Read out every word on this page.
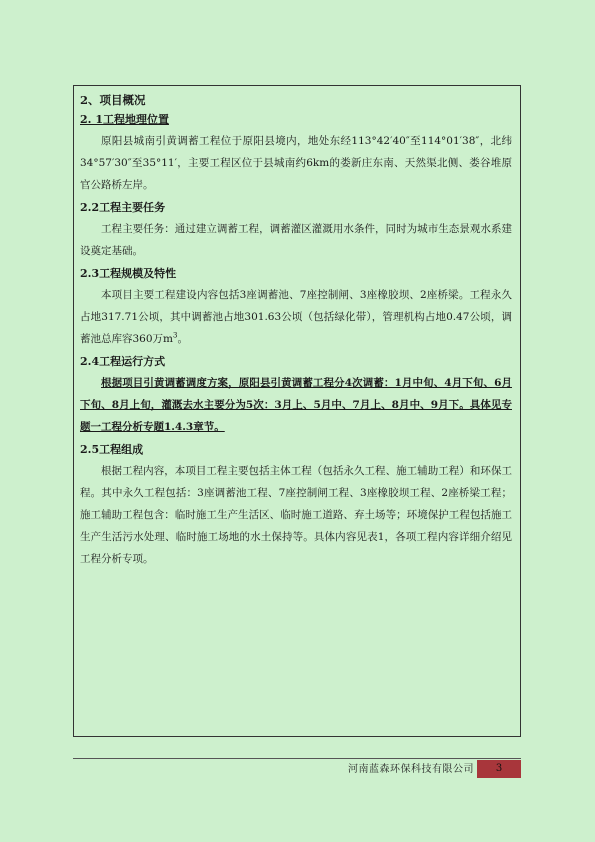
2、项目概况

2. 1工程地理位置

原阳县城南引黄调蓄工程位于原阳县境内，地处东经113°42′40″至114°01′38″，北纬34°57′30″至35°11′，主要工程区位于县城南约6km的娄新庄东南、天然渠北侧、娄谷堆原官公路桥左岸。

2.2工程主要任务

工程主要任务：通过建立调蓄工程，调蓄灌区灌溉用水条件，同时为城市生态景观水系建设奠定基础。

2.3工程规模及特性

本项目主要工程建设内容包括3座调蓄池、7座控制闸、3座橡胶坝、2座桥梁。工程永久占地317.71公顷，其中调蓄池占地301.63公顷（包括绿化带），管理机构占地0.47公顷，调蓄池总库容360万$m^3$。

2.4工程运行方式

根据项目引黄调蓄调度方案，原阳县引黄调蓄工程分4次调蓄：1月中旬、4月下旬、6月下旬、8月上旬，灌溉去水主要分为5次：3月上、5月中、7月上、8月中、9月下。具体见专题一工程分析专题1.4.3章节。

2.5工程组成

根据工程内容，本项目工程主要包括主体工程（包括永久工程、施工辅助工程）和环保工程。其中永久工程包括：3座调蓄池工程、7座控制闸工程、3座橡胶坝工程、2座桥梁工程；施工辅助工程包含：临时施工生产生活区、临时施工道路、弃土场等；环境保护工程包括施工生产生活污水处理、临时施工场地的水土保持等。具体内容见表1，各项工程内容详细介绍见工程分析专项。

河南蓝森环保科技有限公司	3
